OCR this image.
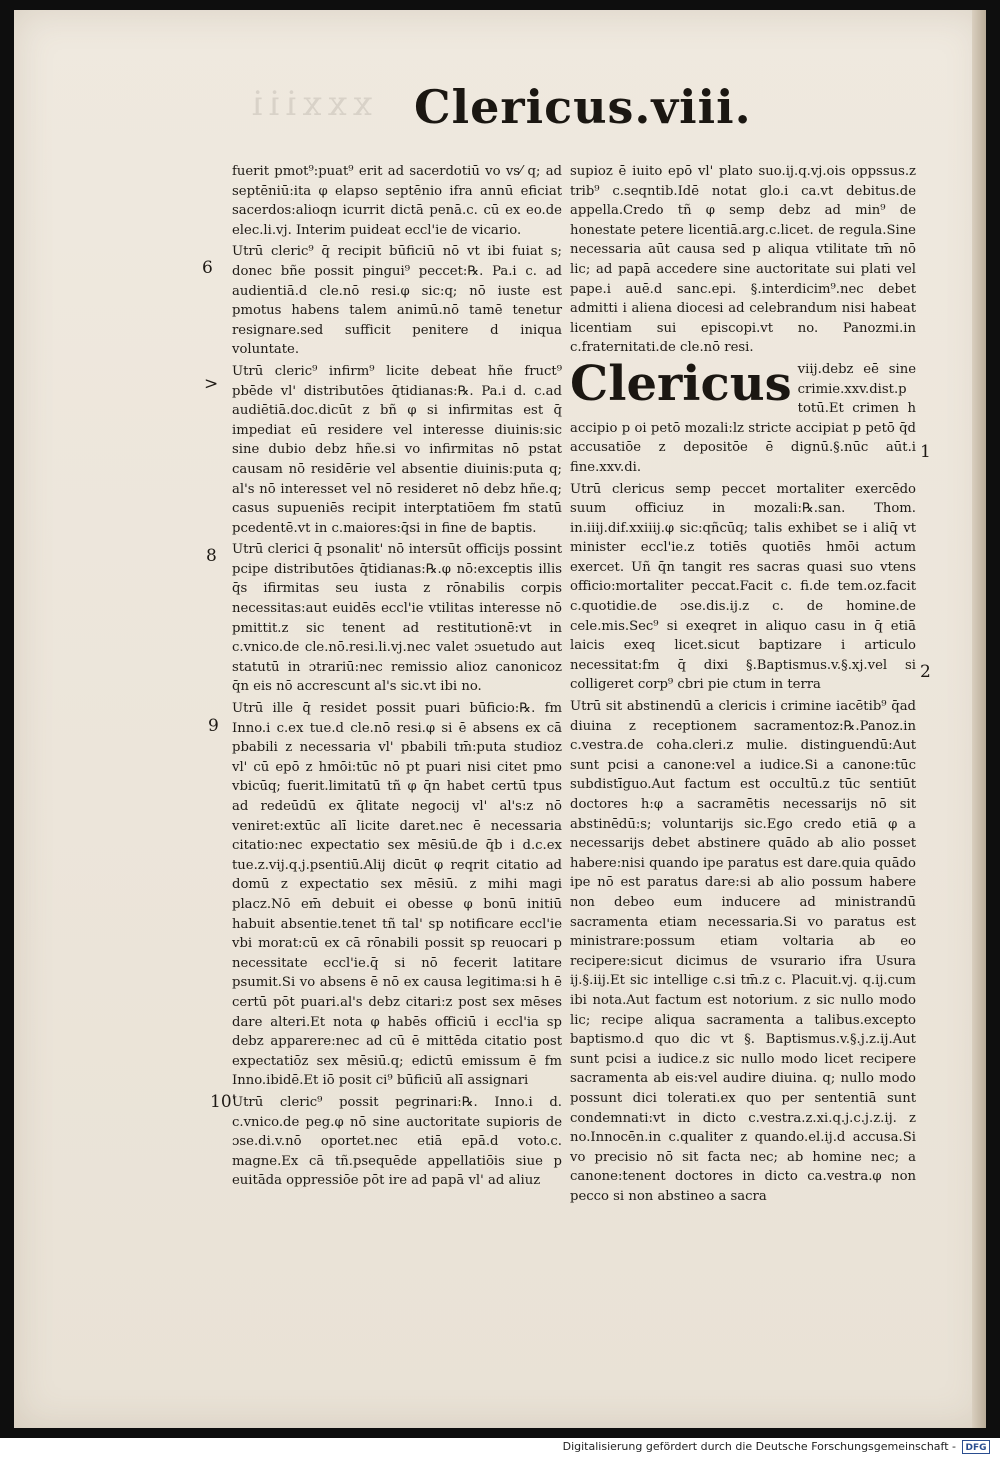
xxxiii Clericus.viii.

fuerit pmot⁹:puat⁹ erit ad sacerdotiū vo vs⁄ q; ad septēniū:ita φ elapso septēnio ifra annū eficiat sacerdos:alioqn icurrit dictā penā.c. cū ex eo.de elec.li.vj. Interim puideat eccl'ie de vicario.

Utrū cleric⁹ q̄ recipit būficiū nō vt ibi fuiat s; donec bñe possit pingui⁹ peccet:℞. Pa.i c. ad audientiā.d cle.nō resi.φ sic:q; nō iuste est pmotus habens talem animū.nō tamē tenetur resignare.sed sufficit penitere d iniqua voluntate.

Utrū cleric⁹ infirm⁹ licite debeat hñe fruct⁹ pbēde vl' distributōes q̄tidianas:℞. Pa.i d. c.ad audiētiā.doc.dicūt z bñ φ si infirmitas est q̄ impediat eū residere vel interesse diuinis:sic sine dubio debz hñe.si vo infirmitas nō pstat causam nō residērie vel absentie diuinis:puta q; al's nō interesset vel nō resideret nō debz hñe.q; casus supueniēs recipit interptatiōem fm statū pcedentē.vt in c.maiores:q̄si in fine de baptis.

Utrū clerici q̄ psonalit' nō intersūt officijs possint pcipe distributōes q̄tidianas:℞.φ nō:exceptis illis q̄s ifirmitas seu iusta z rōnabilis corpis necessitas:aut euidēs eccl'ie vtilitas interesse nō pmittit.z sic tenent ad restitutionē:vt in c.vnico.de cle.nō.resi.li.vj.nec valet ɔsuetudo aut statutū in ɔtrariū:nec remissio alioz canonicoz q̄n eis nō accrescunt al's sic.vt ibi no.

Utrū ille q̄ residet possit puari būficio:℞. fm Inno.i c.ex tue.d cle.nō resi.φ si ē absens ex cā pbabili z necessaria vl' pbabili tm̄:puta studioz vl' cū epō z hmōi:tūc nō pt puari nisi citet pmo vbicūq; fuerit.limitatū tñ φ q̄n habet certū tpus ad redeūdū ex q̄litate negocij vl' al's:z nō veniret:extūc alī licite daret.nec ē necessaria citatio:nec expectatio sex mēsiū.de q̄b i d.c.ex tue.z.vij.q.j.psentiū.Alij dicūt φ reqrit citatio ad domū z expectatio sex mēsiū. z mihi magi placz.Nō em̄ debuit ei obesse φ bonū initiū habuit absentie.tenet tñ tal' sp notificare eccl'ie vbi morat:cū ex cā rōnabili possit sp reuocari p necessitate eccl'ie.q̄ si nō fecerit latitare psumit.Si vo absens ē nō ex causa legitima:si h ē certū pōt puari.al's debz citari:z post sex mēses dare alteri.Et nota φ habēs officiū i eccl'ia sp debz apparere:nec ad cū ē mittēda citatio post expectatiōz sex mēsiū.q; edictū emissum ē fm Inno.ibidē.Et iō posit ci⁹ būficiū alī assignari

Utrū cleric⁹ possit pegrinari:℞. Inno.i d. c.vnico.de peg.φ nō sine auctoritate supioris de ɔse.di.v.nō oportet.nec etiā epā.d voto.c. magne.Ex cā tñ.psequēde appellatiōis siue p euitāda oppressiōe pōt ire ad papā vl' ad aliuz

supioz ē iuito epō vl' plato suo.ij.q.vj.ois oppssus.z trib⁹ c.seqntib.Idē notat glo.i ca.vt debitus.de appella.Credo tñ φ semp debz ad min⁹ de honestate petere licentiā.arg.c.licet. de regula.Sine necessaria aūt causa sed p aliqua vtilitate tm̄ nō lic; ad papā accedere sine auctoritate sui plati vel pape.i auē.d sanc.epi. §.interdicim⁹.nec debet admitti i aliena diocesi ad celebrandum nisi habeat licentiam sui episcopi.vt no. Panozmi.in c.fraternitati.de cle.nō resi.

Clericus viij.debz eē sine crimie.xxv.dist.p totū.Et crimen h accipio p oi petō mozali:lz stricte accipiat p petō q̄d accusatiōe z depositōe ē dignū.§.nūc aūt.i fine.xxv.di.

Utrū clericus semp peccet mortaliter exercēdo suum officiuz in mozali:℞.san. Thom. in.iiij.dif.xxiiij.φ sic:qñcūq; talis exhibet se i aliq̄ vt minister eccl'ie.z totiēs quotiēs hmōi actum exercet. Uñ q̄n tangit res sacras quasi suo vtens officio:mortaliter peccat.Facit c. fi.de tem.oz.facit c.quotidie.de ɔse.dis.ij.z c. de homine.de cele.mis.Sec⁹ si exeqret in aliquo casu in q̄ etiā laicis exeq licet.sicut baptizare i articulo necessitat:fm q̄ dixi §.Baptismus.v.§.xj.vel si colligeret corp⁹ cbri pie ctum in terra

Utrū sit abstinendū a clericis i crimine iacētib⁹ q̄ad diuina z receptionem sacramentoz:℞.Panoz.in c.vestra.de coha.cleri.z mulie. distinguendū:Aut sunt pcisi a canone:vel a iudice.Si a canone:tūc subdistīguo.Aut factum est occultū.z tūc sentiūt doctores h:φ a sacramētis necessarijs nō sit abstinēdū:s; voluntarijs sic.Ego credo etiā φ a necessarijs debet abstinere quādo ab alio posset habere:nisi quando ipe paratus est dare.quia quādo ipe nō est paratus dare:si ab alio possum habere non debeo eum inducere ad ministrandū sacramenta etiam necessaria.Si vo paratus est ministrare:possum etiam voltaria ab eo recipere:sicut dicimus de vsurario ifra Usura ij.§.iij.Et sic intellige c.si tm̄.z c. Placuit.vj. q.ij.cum ibi nota.Aut factum est notorium. z sic nullo modo lic; recipe aliqua sacramenta a talibus.excepto baptismo.d quo dic vt §. Baptismus.v.§.j.z.ij.Aut sunt pcisi a iudice.z sic nullo modo licet recipere sacramenta ab eis:vel audire diuina. q; nullo modo possunt dici tolerati.ex quo per sententiā sunt condemnati:vt in dicto c.vestra.z.xi.q.j.c.j.z.ij. z no.Innocēn.in c.qualiter z quando.el.ij.d accusa.Si vo precisio nō sit facta nec; ab homine nec; a canone:tenent doctores in dicto ca.vestra.φ non pecco si non abstineo a sacra

6
>
8
9
10'
1
2
Digitalisierung gefördert durch die Deutsche Forschungsgemeinschaft -	DFG
